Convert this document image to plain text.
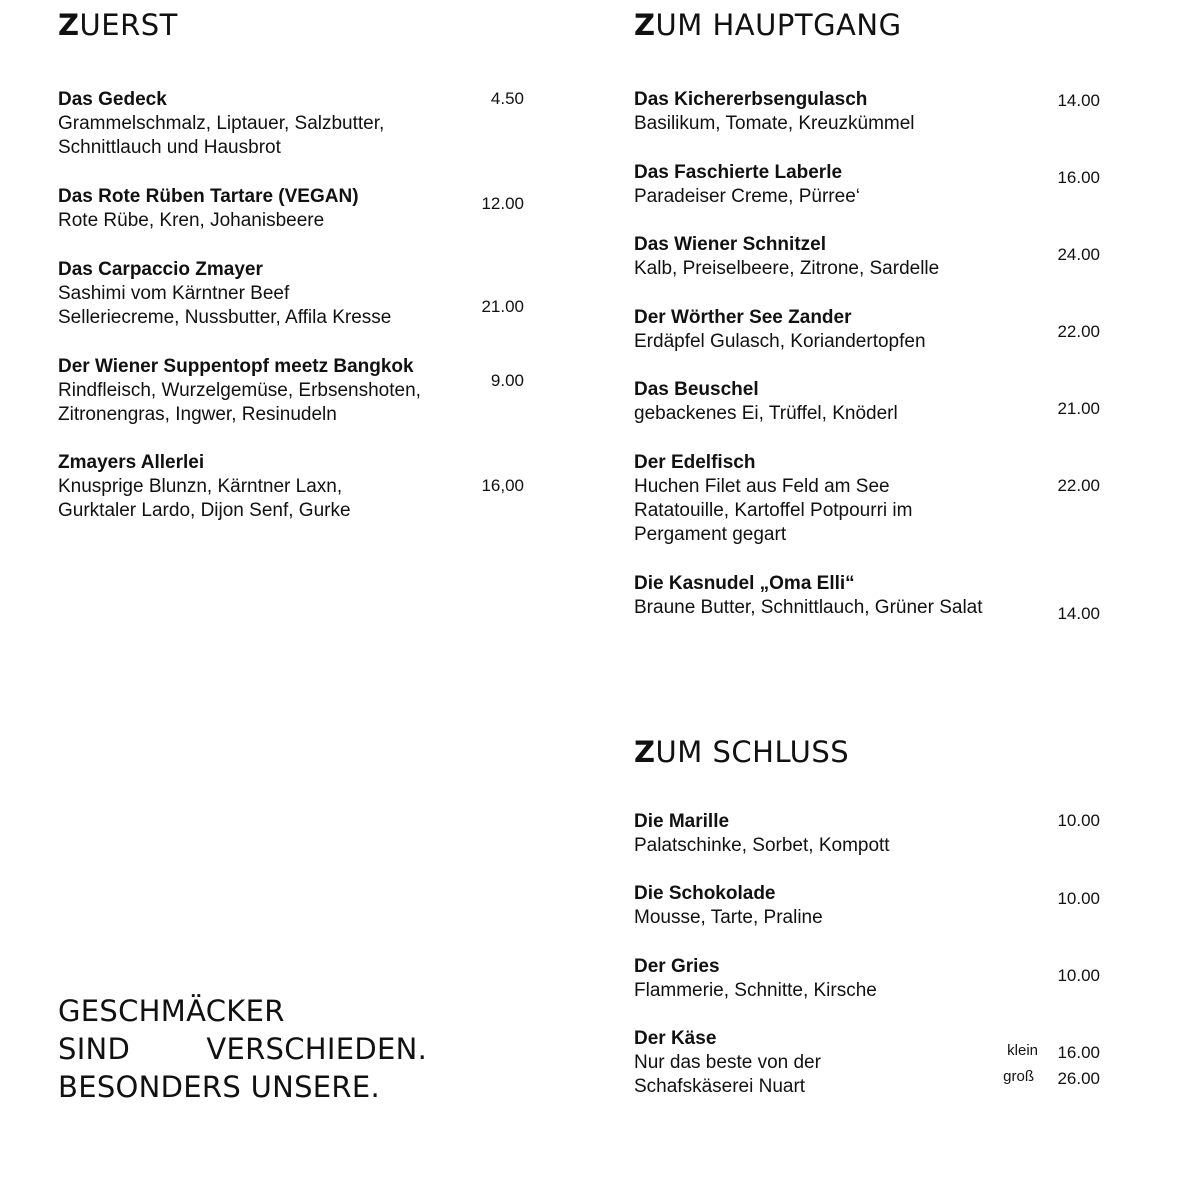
ZUERST
Das Gedeck
Grammelschmalz, Liptauer, Salzbutter,
Schnittlauch und Hausbrot
4.50
Das Rote Rüben Tartare (VEGAN)
Rote Rübe, Kren, Johanisbeere
12.00
Das Carpaccio Zmayer
Sashimi vom Kärntner Beef
Selleriecreme, Nussbutter, Affila Kresse
21.00
Der Wiener Suppentopf meetz Bangkok
Rindfleisch, Wurzelgemüse, Erbsenshoten,
Zitronengras, Ingwer, Resinudeln
9.00
Zmayers Allerlei
Knusprige Blunzn, Kärntner Laxn,
Gurktaler Lardo, Dijon Senf, Gurke
16,00
ZUM HAUPTGANG
Das Kichererbsengulasch
Basilikum, Tomate, Kreuzkümmel
14.00
Das Faschierte Laberle
Paradeiser Creme, Pürree‘
16.00
Das Wiener Schnitzel
Kalb, Preiselbeere, Zitrone, Sardelle
24.00
Der Wörther See Zander
Erdäpfel Gulasch, Koriandertopfen	22.00
Das Beuschel
gebackenes Ei, Trüffel, Knöderl	21.00
Der Edelfisch
Huchen Filet aus Feld am See
Ratatouille, Kartoffel Potpourri im
Pergament gegart
22.00
Die Kasnudel „Oma Elli“
Braune Butter, Schnittlauch, Grüner Salat	14.00
ZUM SCHLUSS
Die Marille
Palatschinke, Sorbet, Kompott
10.00
Die Schokolade
Mousse, Tarte, Praline
10.00
Der Gries
Flammerie, Schnitte, Kirsche
10.00
Der Käse
Nur das beste von der
Schafskäserei Nuart
klein 16.00
groß 26.00
GESCHMÄCKER
SIND        VERSCHIEDEN.
BESONDERS UNSERE.
